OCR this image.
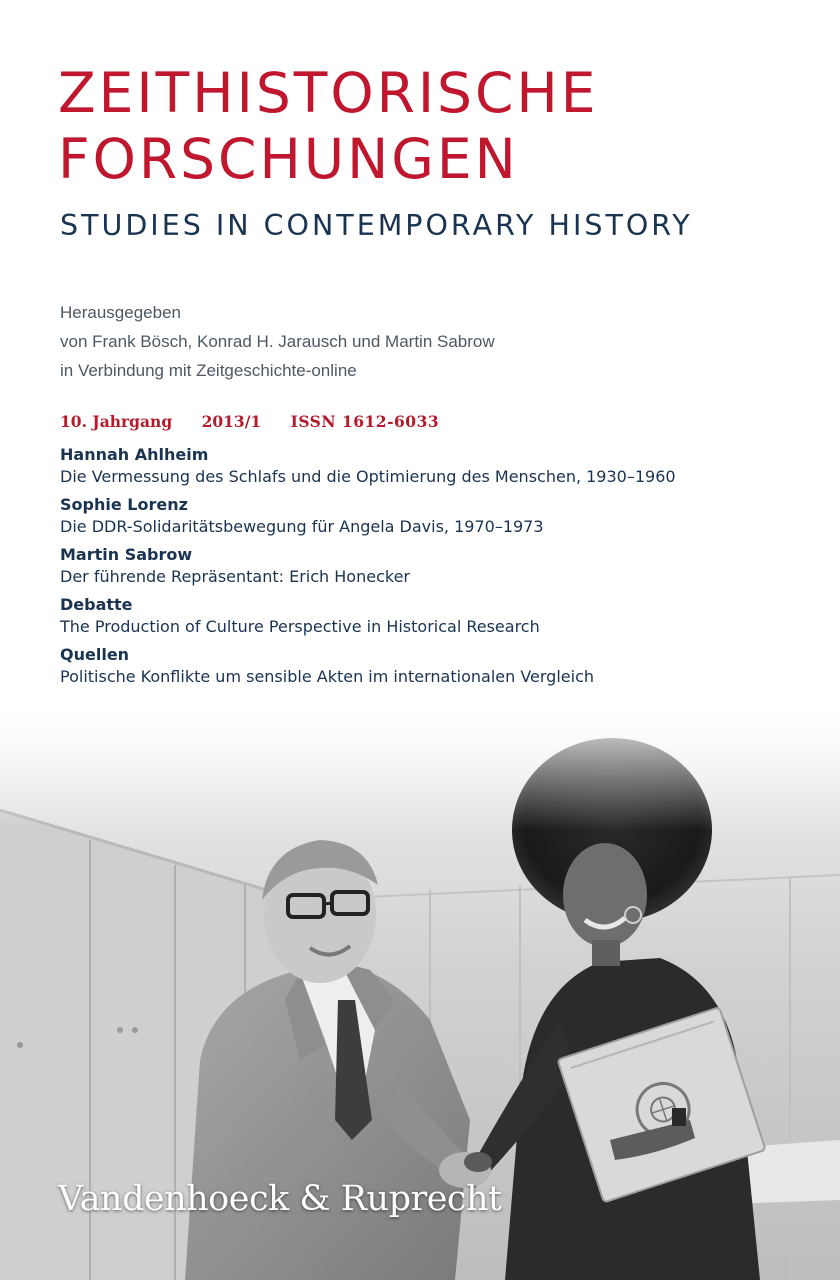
ZEITHISTORISCHE
FORSCHUNGEN
STUDIES IN CONTEMPORARY HISTORY
Herausgegeben
von Frank Bösch, Konrad H. Jarausch und Martin Sabrow
in Verbindung mit Zeitgeschichte-online
10. Jahrgang 2013/1 ISSN 1612-6033
Hannah Ahlheim
Die Vermessung des Schlafs und die Optimierung des Menschen, 1930–1960
Sophie Lorenz
Die DDR-Solidaritätsbewegung für Angela Davis, 1970–1973
Martin Sabrow
Der führende Repräsentant: Erich Honecker
Debatte
The Production of Culture Perspective in Historical Research
Quellen
Politische Konflikte um sensible Akten im internationalen Vergleich
Vandenhoeck & Ruprecht
